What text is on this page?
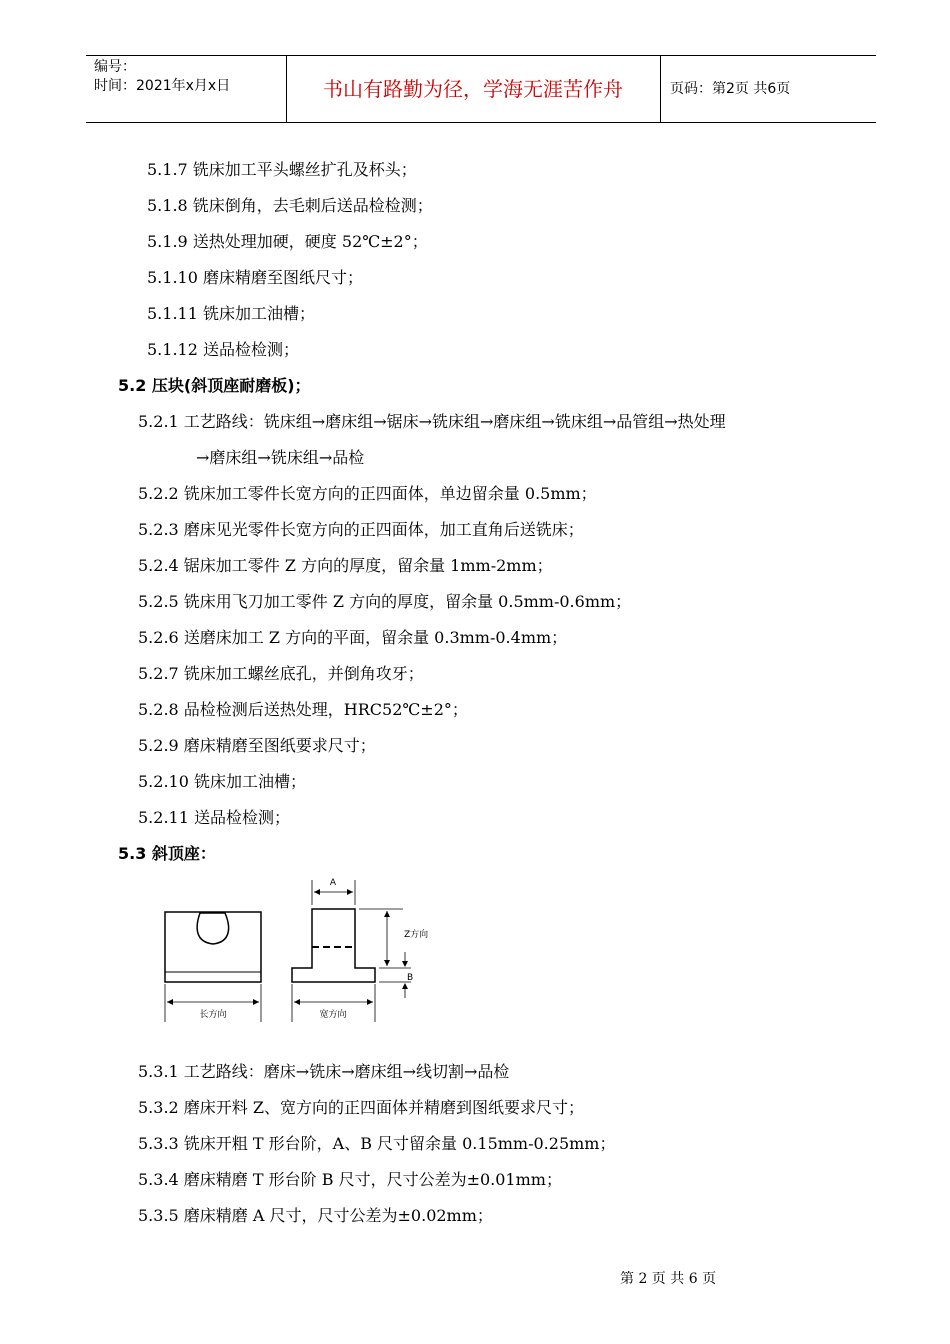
编号：
时间：2021年x月x日	书山有路勤为径，学海无涯苦作舟	页码：第2页 共6页
5.1.7 铣床加工平头螺丝扩孔及杯头；
5.1.8 铣床倒角，去毛刺后送品检检测；
5.1.9 送热处理加硬，硬度 52℃±2°；
5.1.10 磨床精磨至图纸尺寸；
5.1.11 铣床加工油槽；
5.1.12 送品检检测；
5.2 压块(斜顶座耐磨板)；
5.2.1 工艺路线：铣床组→磨床组→锯床→铣床组→磨床组→铣床组→品管组→热处理
→磨床组→铣床组→品检
5.2.2 铣床加工零件长宽方向的正四面体，单边留余量 0.5mm；
5.2.3 磨床见光零件长宽方向的正四面体，加工直角后送铣床；
5.2.4 锯床加工零件 Z 方向的厚度，留余量 1mm-2mm；
5.2.5 铣床用飞刀加工零件 Z 方向的厚度，留余量 0.5mm-0.6mm；
5.2.6 送磨床加工 Z 方向的平面，留余量 0.3mm-0.4mm；
5.2.7 铣床加工螺丝底孔，并倒角攻牙；
5.2.8 品检检测后送热处理，HRC52℃±2°；
5.2.9 磨床精磨至图纸要求尺寸；
5.2.10 铣床加工油槽；
5.2.11 送品检检测；
5.3 斜顶座：
长方向
A
Z方向
B
宽方向
5.3.1 工艺路线：磨床→铣床→磨床组→线切割→品检
5.3.2 磨床开料 Z、宽方向的正四面体并精磨到图纸要求尺寸；
5.3.3 铣床开粗 T 形台阶，A、B 尺寸留余量 0.15mm-0.25mm；
5.3.4 磨床精磨 T 形台阶 B 尺寸，尺寸公差为±0.01mm；
5.3.5 磨床精磨 A 尺寸，尺寸公差为±0.02mm；
第 2 页 共 6 页
